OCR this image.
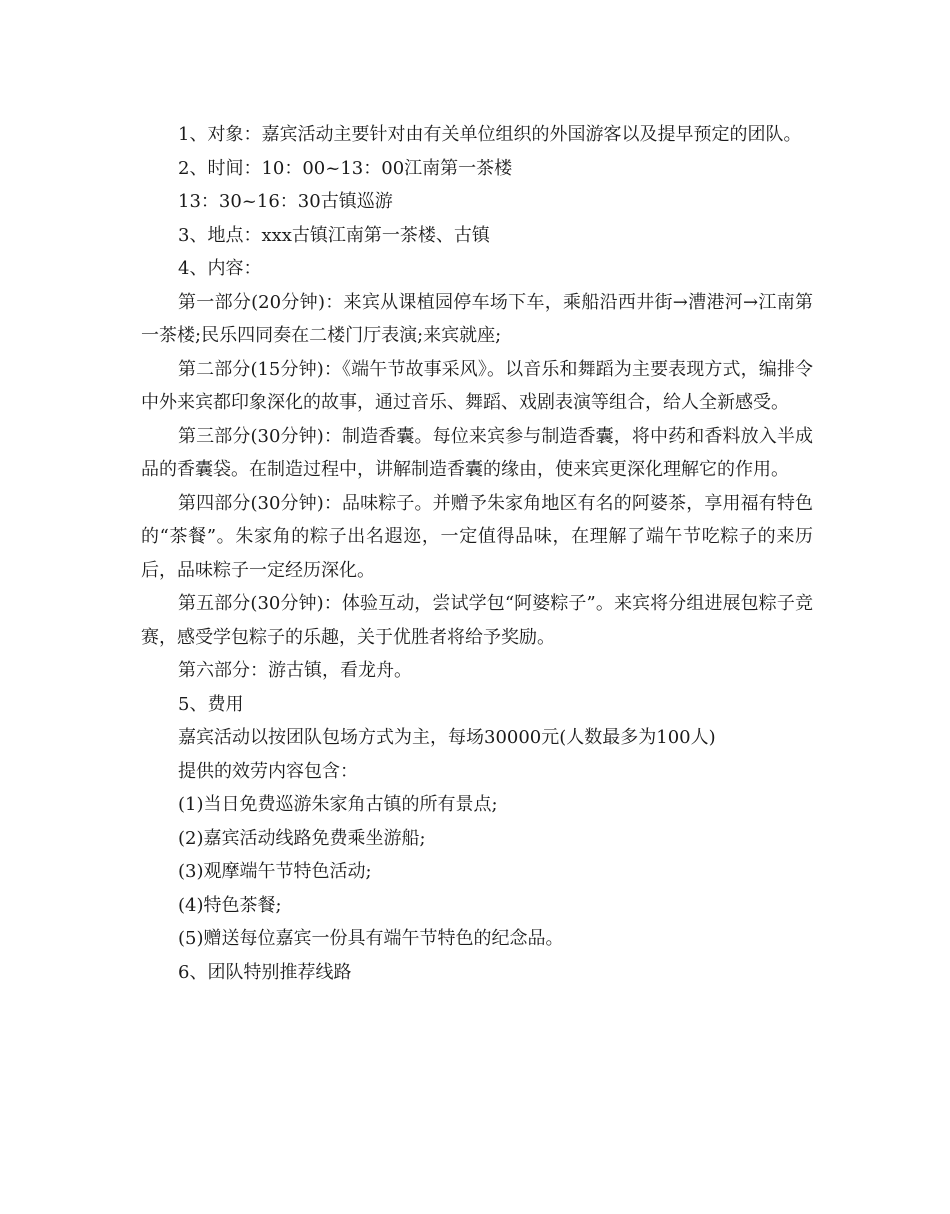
1、对象：嘉宾活动主要针对由有关单位组织的外国游客以及提早预定的团队。

2、时间：10：00~13：00江南第一茶楼

13：30~16：30古镇巡游

3、地点：xxx古镇江南第一茶楼、古镇

4、内容：

第一部分(20分钟)：来宾从课植园停车场下车，乘船沿西井街→漕港河→江南第一茶楼;民乐四同奏在二楼门厅表演;来宾就座;

第二部分(15分钟)：《端午节故事采风》。以音乐和舞蹈为主要表现方式，编排令中外来宾都印象深化的故事，通过音乐、舞蹈、戏剧表演等组合，给人全新感受。

第三部分(30分钟)：制造香囊。每位来宾参与制造香囊，将中药和香料放入半成品的香囊袋。在制造过程中，讲解制造香囊的缘由，使来宾更深化理解它的作用。

第四部分(30分钟)：品味粽子。并赠予朱家角地区有名的阿婆茶，享用福有特色的“茶餐”。朱家角的粽子出名遐迩，一定值得品味，在理解了端午节吃粽子的来历后，品味粽子一定经历深化。

第五部分(30分钟)：体验互动，尝试学包“阿婆粽子”。来宾将分组进展包粽子竞赛，感受学包粽子的乐趣，关于优胜者将给予奖励。

第六部分：游古镇，看龙舟。

5、费用

嘉宾活动以按团队包场方式为主，每场30000元(人数最多为100人)

提供的效劳内容包含：

(1)当日免费巡游朱家角古镇的所有景点;

(2)嘉宾活动线路免费乘坐游船;

(3)观摩端午节特色活动;

(4)特色茶餐;

(5)赠送每位嘉宾一份具有端午节特色的纪念品。

6、团队特别推荐线路
